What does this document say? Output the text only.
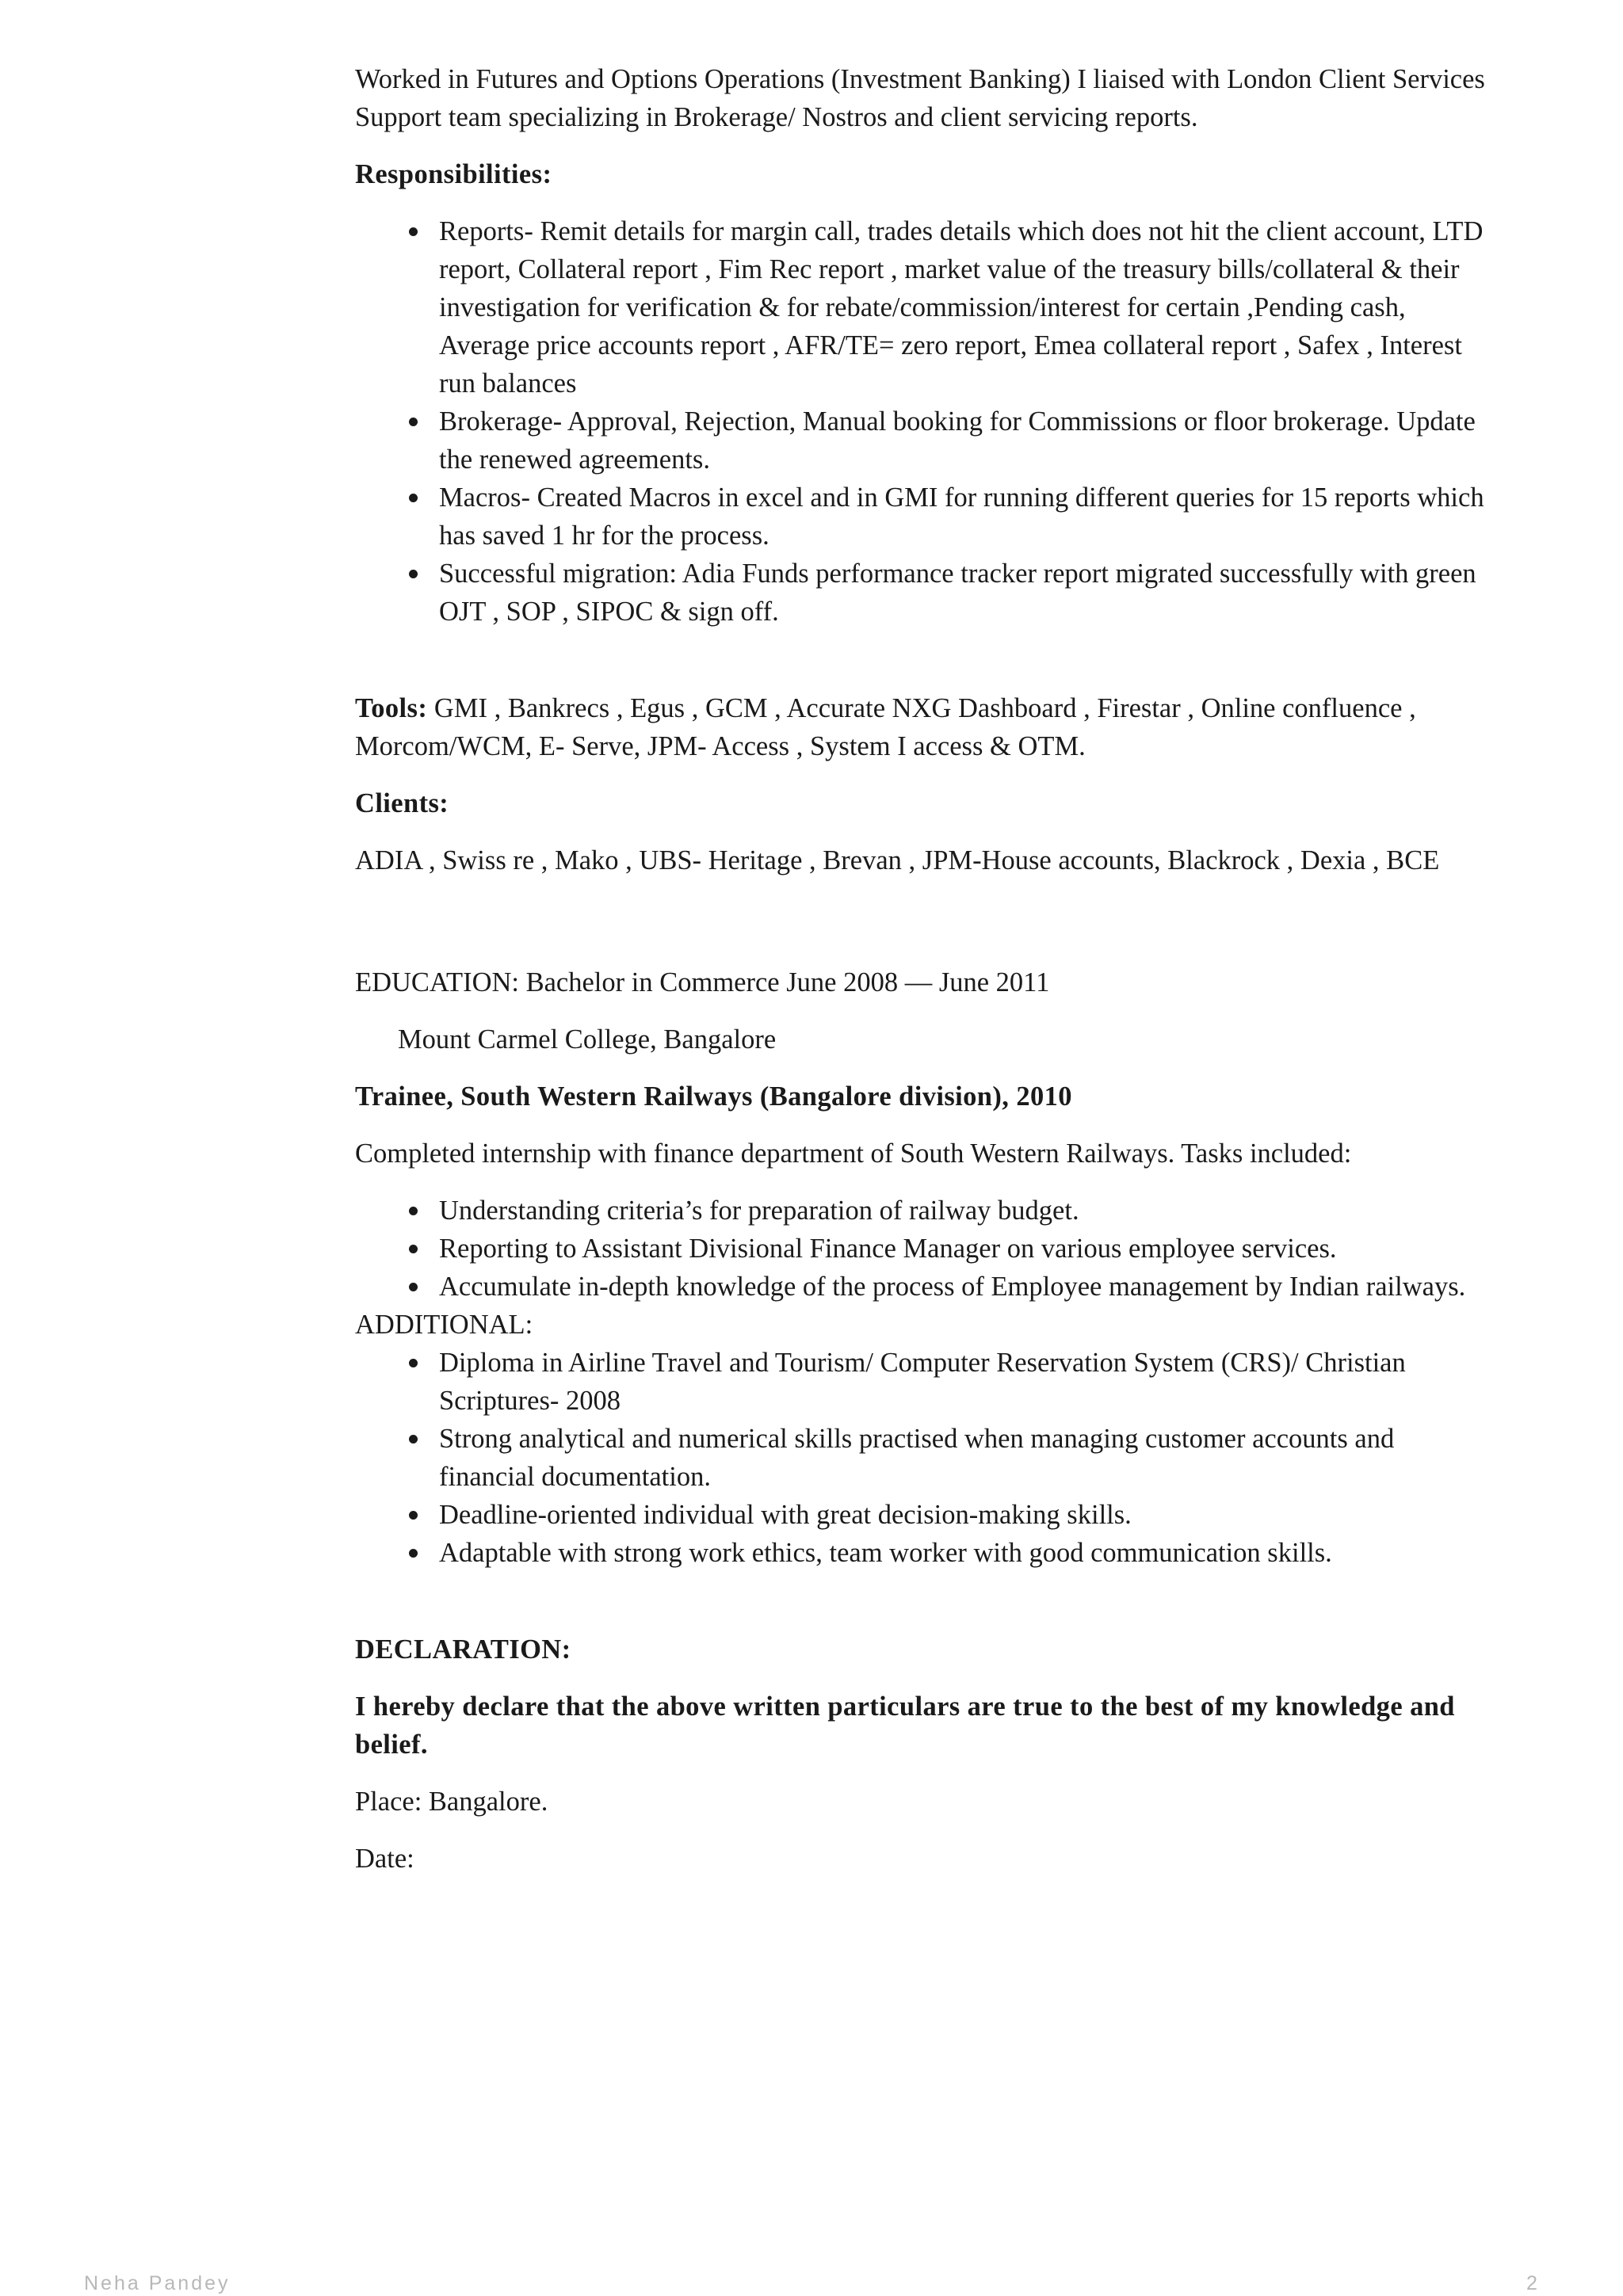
Worked in Futures and Options Operations (Investment Banking) I liaised with London Client Services Support team specializing in Brokerage/ Nostros and client servicing reports.

Responsibilities:

Reports- Remit details for margin call, trades details which does not hit the client account, LTD report, Collateral report , Fim Rec report , market value of the treasury bills/collateral & their investigation for verification & for rebate/commission/interest for certain ,Pending cash, Average price accounts report , AFR/TE= zero report, Emea collateral report , Safex , Interest run balances
Brokerage- Approval, Rejection, Manual booking for Commissions or floor brokerage. Update the renewed agreements.
Macros- Created Macros in excel and in GMI for running different queries for 15 reports which has saved 1 hr for the process.
Successful migration: Adia Funds performance tracker report migrated successfully with green OJT , SOP , SIPOC & sign off.

Tools: GMI , Bankrecs , Egus , GCM , Accurate NXG Dashboard , Firestar , Online confluence , Morcom/WCM, E- Serve, JPM- Access , System I access & OTM.

Clients:

ADIA , Swiss re , Mako , UBS- Heritage , Brevan , JPM-House accounts, Blackrock , Dexia , BCE

EDUCATION: Bachelor in Commerce June 2008 — June 2011

Mount Carmel College, Bangalore

Trainee, South Western Railways (Bangalore division), 2010

Completed internship with finance department of South Western Railways. Tasks included:

Understanding criteria’s for preparation of railway budget.
Reporting to Assistant Divisional Finance Manager on various employee services.
Accumulate in-depth knowledge of the process of Employee management by Indian railways.

ADDITIONAL:

Diploma in Airline Travel and Tourism/ Computer Reservation System (CRS)/ Christian Scriptures- 2008
Strong analytical and numerical skills practised when managing customer accounts and financial documentation.
Deadline-oriented individual with great decision-making skills.
Adaptable with strong work ethics, team worker with good communication skills.

DECLARATION:

I hereby declare that the above written particulars are true to the best of my knowledge and belief.

Place: Bangalore.

Date:

Neha Pandey	2
